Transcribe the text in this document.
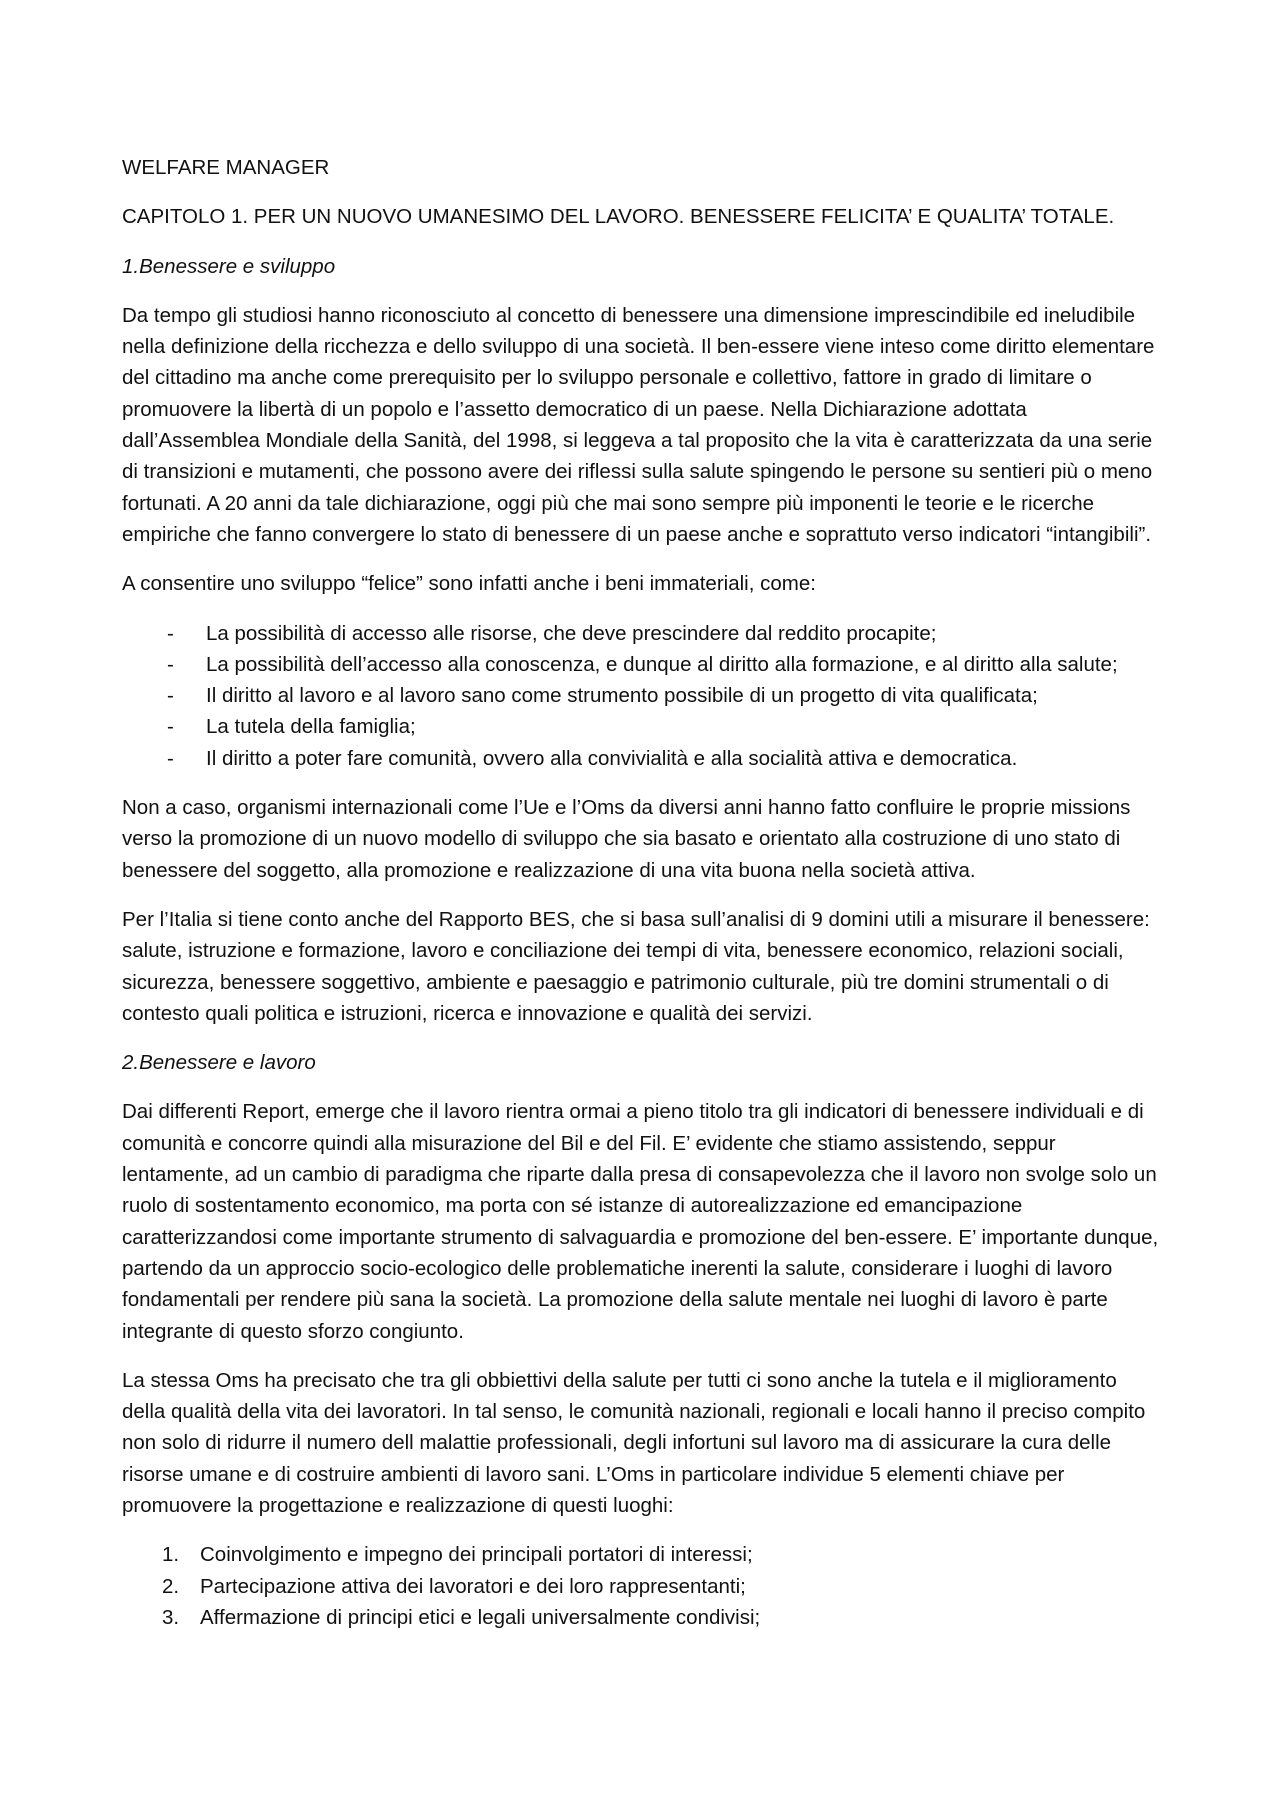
WELFARE MANAGER

CAPITOLO 1. PER UN NUOVO UMANESIMO DEL LAVORO. BENESSERE FELICITA’ E QUALITA’ TOTALE.

1.Benessere e sviluppo

Da tempo gli studiosi hanno riconosciuto al concetto di benessere una dimensione imprescindibile ed ineludibile nella definizione della ricchezza e dello sviluppo di una società. Il ben-essere viene inteso come diritto elementare del cittadino ma anche come prerequisito per lo sviluppo personale e collettivo, fattore in grado di limitare o promuovere la libertà di un popolo e l’assetto democratico di un paese. Nella Dichiarazione adottata dall’Assemblea Mondiale della Sanità, del 1998, si leggeva a tal proposito che la vita è caratterizzata da una serie di transizioni e mutamenti, che possono avere dei riflessi sulla salute spingendo le persone su sentieri più o meno fortunati. A 20 anni da tale dichiarazione, oggi più che mai sono sempre più imponenti le teorie e le ricerche empiriche che fanno convergere lo stato di benessere di un paese anche e soprattuto verso indicatori “intangibili”.

A consentire uno sviluppo “felice” sono infatti anche i beni immateriali, come:

- La possibilità di accesso alle risorse, che deve prescindere dal reddito procapite;
- La possibilità dell’accesso alla conoscenza, e dunque al diritto alla formazione, e al diritto alla salute;
- Il diritto al lavoro e al lavoro sano come strumento possibile di un progetto di vita qualificata;
- La tutela della famiglia;
- Il diritto a poter fare comunità, ovvero alla convivialità e alla socialità attiva e democratica.

Non a caso, organismi internazionali come l’Ue e l’Oms da diversi anni hanno fatto confluire le proprie missions verso la promozione di un nuovo modello di sviluppo che sia basato e orientato alla costruzione di uno stato di benessere del soggetto, alla promozione e realizzazione di una vita buona nella società attiva.

Per l’Italia si tiene conto anche del Rapporto BES, che si basa sull’analisi di 9 domini utili a misurare il benessere: salute, istruzione e formazione, lavoro e conciliazione dei tempi di vita, benessere economico, relazioni sociali, sicurezza, benessere soggettivo, ambiente e paesaggio e patrimonio culturale, più tre domini strumentali o di contesto quali politica e istruzioni, ricerca e innovazione e qualità dei servizi.

2.Benessere e lavoro

Dai differenti Report, emerge che il lavoro rientra ormai a pieno titolo tra gli indicatori di benessere individuali e di comunità e concorre quindi alla misurazione del Bil e del Fil. E’ evidente che stiamo assistendo, seppur lentamente, ad un cambio di paradigma che riparte dalla presa di consapevolezza che il lavoro non svolge solo un ruolo di sostentamento economico, ma porta con sé istanze di autorealizzazione ed emancipazione caratterizzandosi come importante strumento di salvaguardia e promozione del ben-essere. E’ importante dunque, partendo da un approccio socio-ecologico delle problematiche inerenti la salute, considerare i luoghi di lavoro fondamentali per rendere più sana la società. La promozione della salute mentale nei luoghi di lavoro è parte integrante di questo sforzo congiunto.

La stessa Oms ha precisato che tra gli obbiettivi della salute per tutti ci sono anche la tutela e il miglioramento della qualità della vita dei lavoratori. In tal senso, le comunità nazionali, regionali e locali hanno il preciso compito non solo di ridurre il numero dell malattie professionali, degli infortuni sul lavoro ma di assicurare la cura delle risorse umane e di costruire ambienti di lavoro sani. L’Oms in particolare individue 5 elementi chiave per promuovere la progettazione e realizzazione di questi luoghi:

1. Coinvolgimento e impegno dei principali portatori di interessi;
2. Partecipazione attiva dei lavoratori e dei loro rappresentanti;
3. Affermazione di principi etici e legali universalmente condivisi;
